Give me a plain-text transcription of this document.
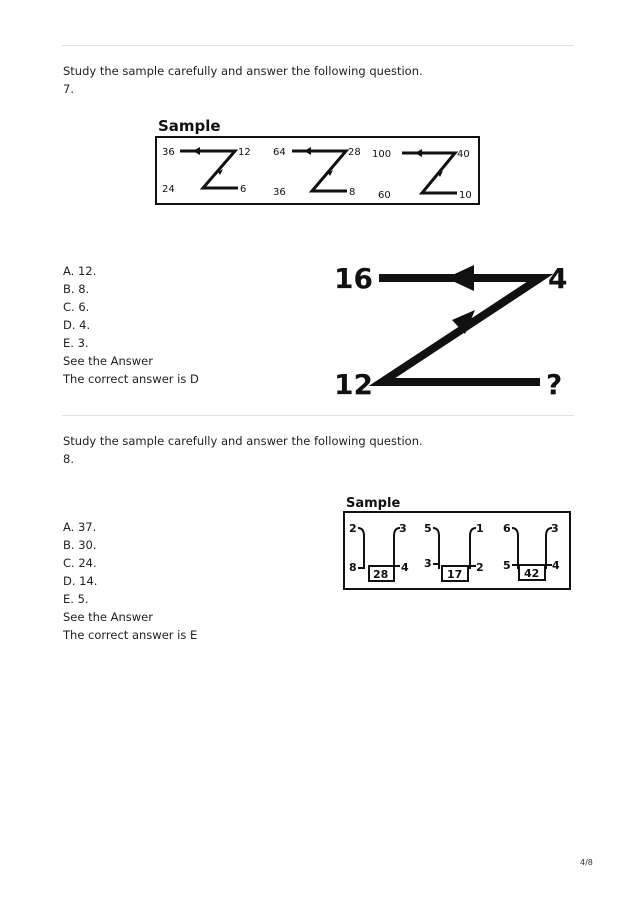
Study the sample carefully and answer the following question.
7.
Sample
36	12
24	6
64	28
36	8
100	40
60	10
16	4
12	?
A. 12.
B. 8.
C. 6.
D. 4.
E. 3.
See the Answer
The correct answer is D
Study the sample carefully and answer the following question.
8.
Sample
2	3
8	4
28
5	1
3	2
17
6	3
5	4
42
A. 37.
B. 30.
C. 24.
D. 14.
E. 5.
See the Answer
The correct answer is E
4/8
